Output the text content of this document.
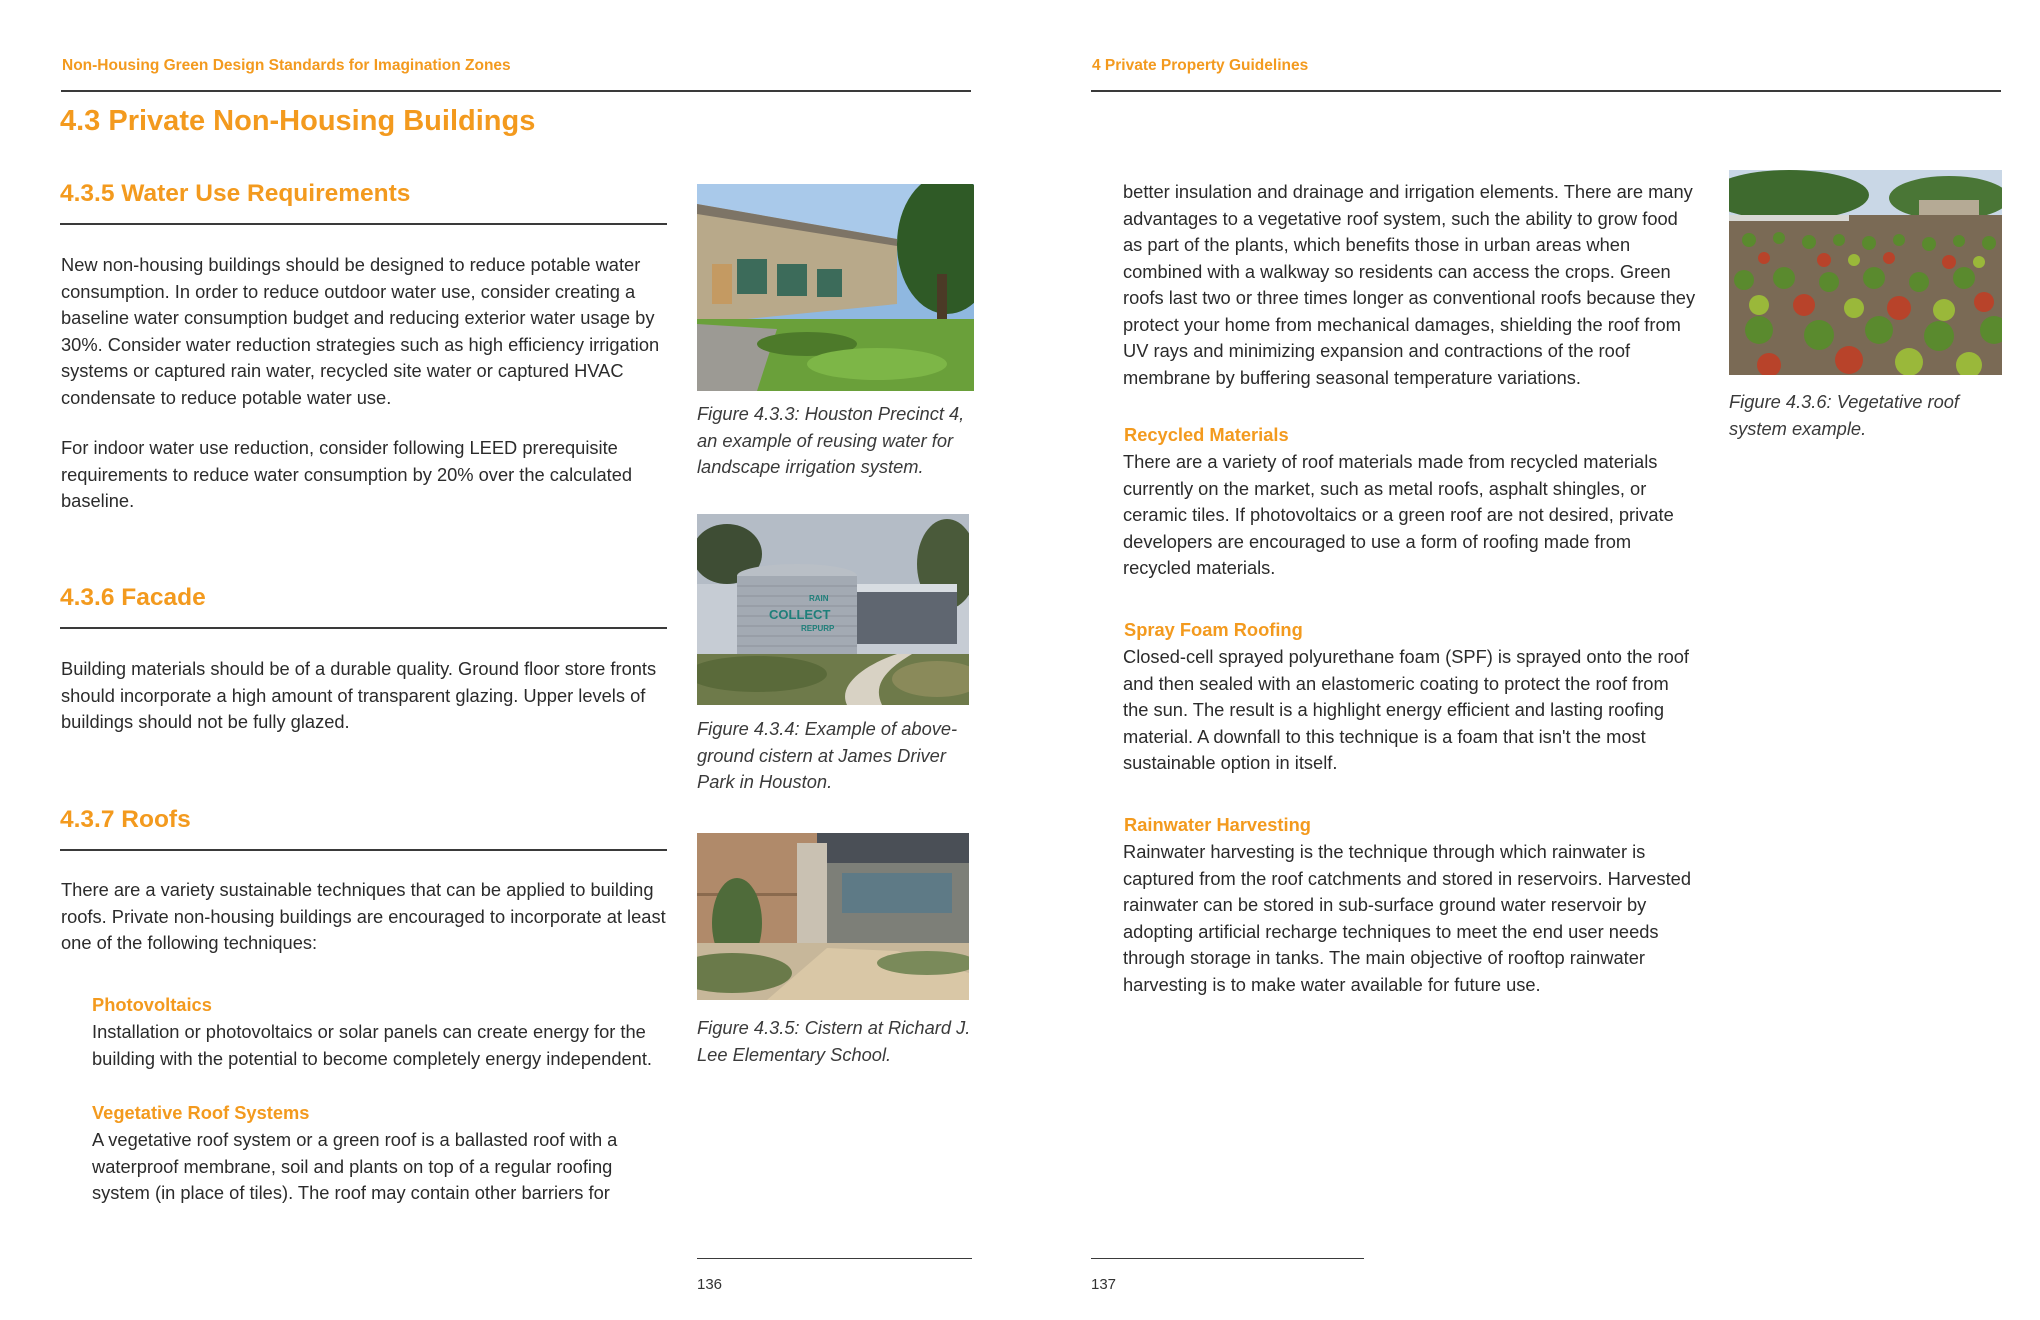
Non-Housing Green Design Standards for Imagination Zones
4.3 Private Non-Housing Buildings
4.3.5 Water Use Requirements
New non-housing buildings should be designed to reduce potable water consumption. In order to reduce outdoor water use, consider creating a baseline water consumption budget and reducing exterior water usage by 30%. Consider water reduction strategies such as high efficiency irrigation systems or captured rain water, recycled site water or captured HVAC condensate to reduce potable water use.
For indoor water use reduction, consider following LEED prerequisite requirements to reduce water consumption by 20% over the calculated baseline.
4.3.6 Facade
Building materials should be of a durable quality. Ground floor store fronts should incorporate a high amount of transparent glazing. Upper levels of buildings should not be fully glazed.
4.3.7 Roofs
There are a variety sustainable techniques that can be applied to building roofs. Private non-housing buildings are encouraged to incorporate at least one of the following techniques:
Photovoltaics
Installation or photovoltaics or solar panels can create energy for the building with the potential to become completely energy independent.
Vegetative Roof Systems
A vegetative roof system or a green roof is a ballasted roof with a waterproof membrane, soil and plants on top of a regular roofing system (in place of tiles). The roof may contain other barriers for
Figure 4.3.3: Houston Precinct 4, an example of reusing water for landscape irrigation system.
COLLECT
RAIN
REPURP
Figure 4.3.4: Example of above-ground cistern at James Driver Park in Houston.
Figure 4.3.5: Cistern at Richard J. Lee Elementary School.
136
4 Private Property Guidelines
better insulation and drainage and irrigation elements. There are many advantages to a vegetative roof system, such the ability to grow food as part of the plants, which benefits those in urban areas when combined with a walkway so residents can access the crops. Green roofs last two or three times longer as conventional roofs because they protect your home from mechanical damages, shielding the roof from UV rays and minimizing expansion and contractions of the roof membrane by buffering seasonal temperature variations.
Recycled Materials
There are a variety of roof materials made from recycled materials currently on the market, such as metal roofs, asphalt shingles, or ceramic tiles. If photovoltaics or a green roof are not desired, private developers are encouraged to use a form of roofing made from recycled materials.
Spray Foam Roofing
Closed-cell sprayed polyurethane foam (SPF) is sprayed onto the roof and then sealed with an elastomeric coating to protect the roof from the sun. The result is a highlight energy efficient and lasting roofing material. A downfall to this technique is a foam that isn't the most sustainable option in itself.
Rainwater Harvesting
Rainwater harvesting is the technique through which rainwater is captured from the roof catchments and stored in reservoirs. Harvested rainwater can be stored in sub-surface ground water reservoir by adopting artificial recharge techniques to meet the end user needs through storage in tanks. The main objective of rooftop rainwater harvesting is to make water available for future use.
Figure 4.3.6: Vegetative roof system example.
137
